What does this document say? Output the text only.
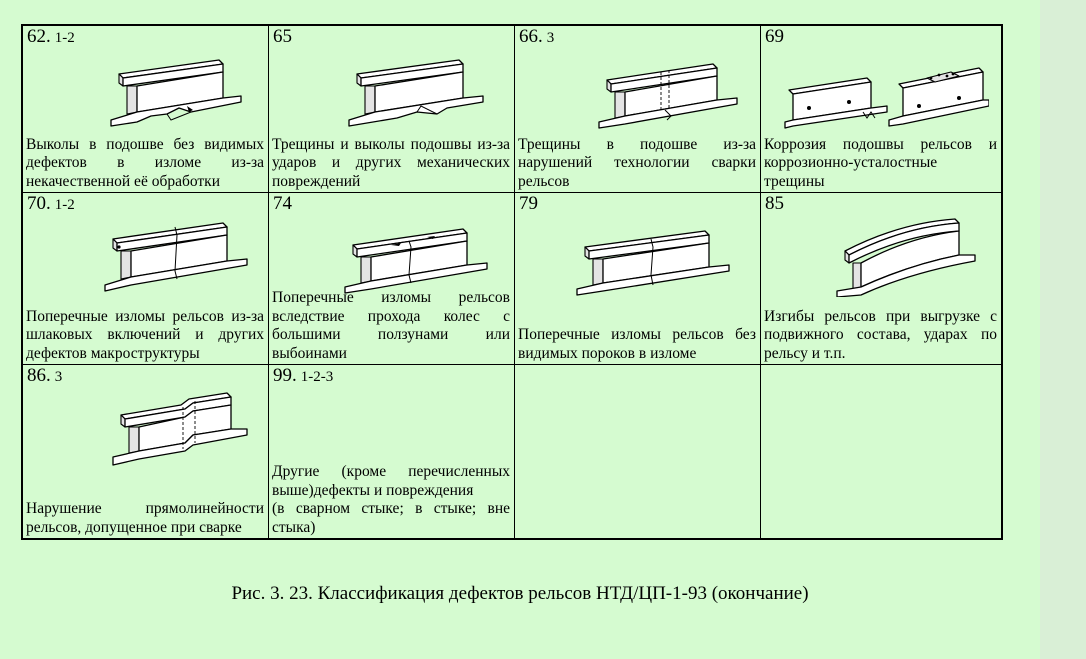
62. 1-2
Выколы в подошве без видимых дефектов в изломе из-за некачественной её обработки
65
Трещины и выколы подошвы из-за ударов и других механических повреждений
66. 3
Трещины в подошве из-за нарушений технологии сварки рельсов
69
Коррозия подошвы рельсов и коррозионно-усталостные трещины
70. 1-2
Поперечные изломы рельсов из-за шлаковых включений и других дефектов макроструктуры
74
Поперечные изломы рельсов вследствие прохода колес с большими ползунами или выбоинами
79
Поперечные изломы рельсов без видимых пороков в изломе
85
Изгибы рельсов при выгрузке с подвижного состава, ударах по рельсу и т.п.
86. 3
Нарушение прямолинейности рельсов, допущенное при сварке
99. 1-2-3
Другие (кроме перечисленных выше)дефекты и повреждения
(в сварном стыке; в стыке; вне стыка)
Рис. 3. 23. Классификация дефектов рельсов НТД/ЦП-1-93 (окончание)
